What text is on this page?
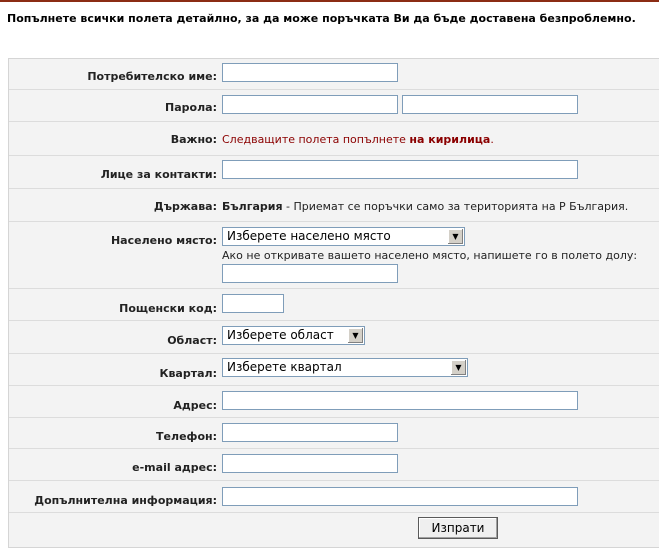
Попълнете всички полета детайлно, за да може поръчката Ви да бъде доставена безпроблемно.
Потребителско име:
Парола:
Важно: Следващите полета попълнете на кирилица.
Лице за контакти:
Държава: България - Приемат се поръчки само за територията на Р България.
Населено място: Изберете населено място	▼
Ако не откривате вашето населено място, напишете го в полето долу:
Пощенски код:
Област: Изберете област	▼
Квартал: Изберете квартал	▼
Адрес:
Телефон:
e-mail адрес:
Допълнителна информация:
Изпрати
